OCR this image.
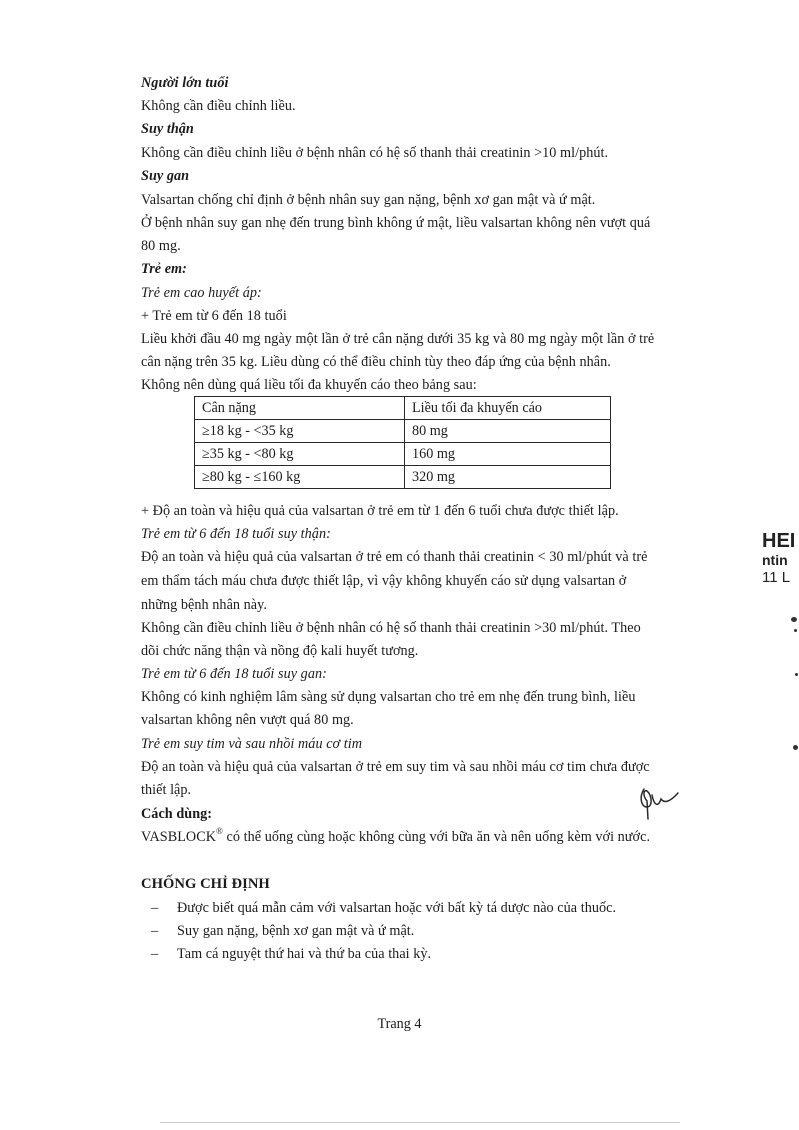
Người lớn tuổi
Không cần điều chỉnh liều.
Suy thận
Không cần điều chỉnh liều ở bệnh nhân có hệ số thanh thải creatinin >10 ml/phút.
Suy gan
Valsartan chống chỉ định ở bệnh nhân suy gan nặng, bệnh xơ gan mật và ứ mật.
Ở bệnh nhân suy gan nhẹ đến trung bình không ứ mật, liều valsartan không nên vượt quá
80 mg.
Trẻ em:
Trẻ em cao huyết áp:
+ Trẻ em từ 6 đến 18 tuổi
Liều khởi đầu 40 mg ngày một lần ở trẻ cân nặng dưới 35 kg và 80 mg ngày một lần ở trẻ
cân nặng trên 35 kg. Liều dùng có thể điều chỉnh tùy theo đáp ứng của bệnh nhân.
Không nên dùng quá liều tối đa khuyến cáo theo bảng sau:
Cân nặng	Liều tối đa khuyến cáo
≥18 kg - <35 kg	80 mg
≥35 kg - <80 kg	160 mg
≥80 kg - ≤160 kg	320 mg
+ Độ an toàn và hiệu quả của valsartan ở trẻ em từ 1 đến 6 tuổi chưa được thiết lập.
Trẻ em từ 6 đến 18 tuổi suy thận:
Độ an toàn và hiệu quả của valsartan ở trẻ em có thanh thải creatinin < 30 ml/phút và trẻ
em thẩm tách máu chưa được thiết lập, vì vậy không khuyến cáo sử dụng valsartan ở
những bệnh nhân này.
Không cần điều chỉnh liều ở bệnh nhân có hệ số thanh thải creatinin >30 ml/phút. Theo
dõi chức năng thận và nồng độ kali huyết tương.
Trẻ em từ 6 đến 18 tuổi suy gan:
Không có kinh nghiệm lâm sàng sử dụng valsartan cho trẻ em nhẹ đến trung bình, liều
valsartan không nên vượt quá 80 mg.
Trẻ em suy tim và sau nhồi máu cơ tim
Độ an toàn và hiệu quả của valsartan ở trẻ em suy tim và sau nhồi máu cơ tim chưa được
thiết lập.
Cách dùng:
VASBLOCK® có thể uống cùng hoặc không cùng với bữa ăn và nên uống kèm với nước.
CHỐNG CHỈ ĐỊNH
– Được biết quá mẫn cảm với valsartan hoặc với bất kỳ tá dược nào của thuốc.
– Suy gan nặng, bệnh xơ gan mật và ứ mật.
– Tam cá nguyệt thứ hai và thứ ba của thai kỳ.
Trang 4
HEI
ntin
11 L
